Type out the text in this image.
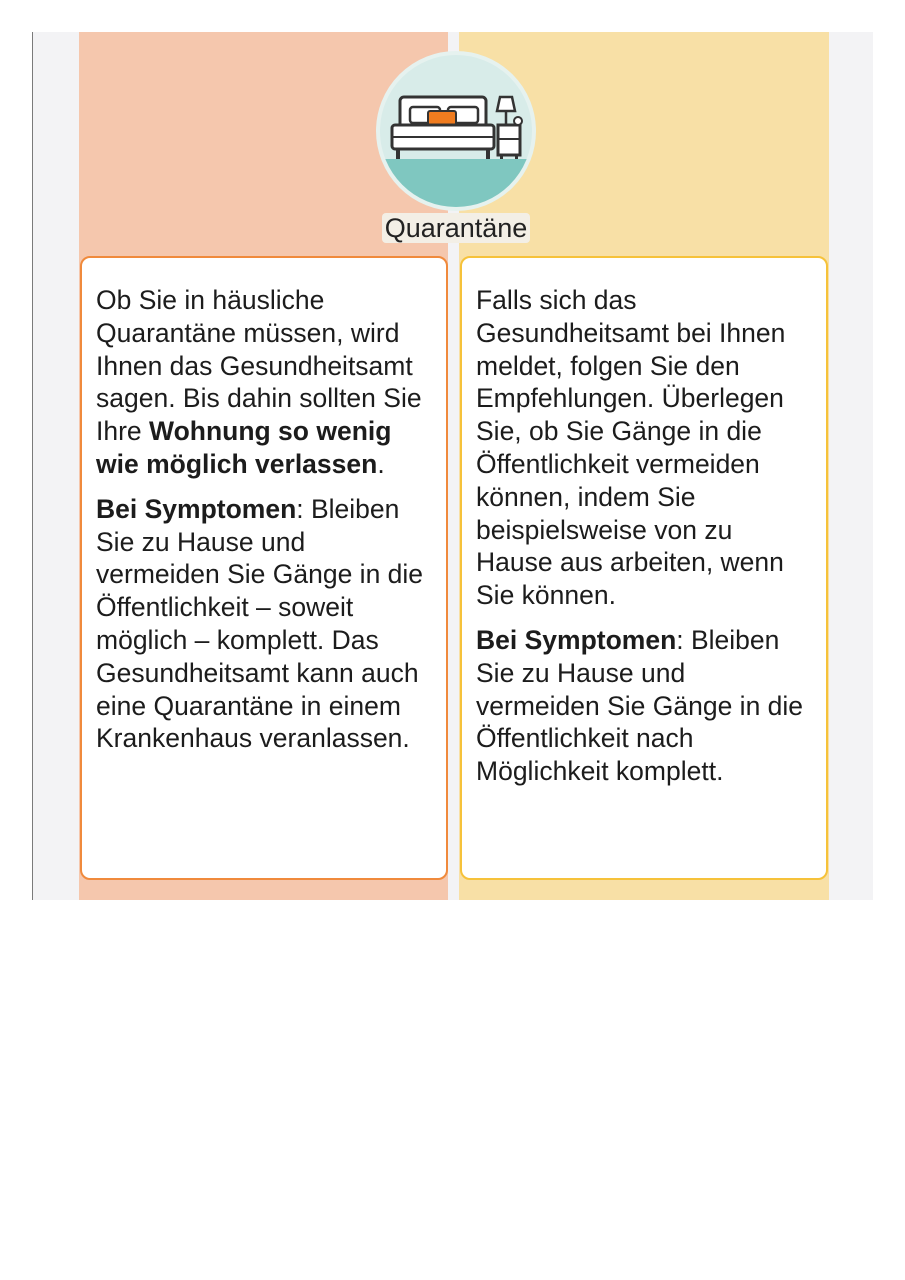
Quarantäne

Ob Sie in häusliche Quarantäne müssen, wird Ihnen das Gesundheitsamt sagen. Bis dahin sollten Sie Ihre Wohnung so wenig wie möglich verlassen.

Bei Symptomen: Bleiben Sie zu Hause und vermeiden Sie Gänge in die Öffentlichkeit – soweit möglich – komplett. Das Gesundheitsamt kann auch eine Quarantäne in einem Krankenhaus veranlassen.

Falls sich das Gesundheitsamt bei Ihnen meldet, folgen Sie den Empfehlungen. Überlegen Sie, ob Sie Gänge in die Öffentlichkeit vermeiden können, indem Sie beispielsweise von zu Hause aus arbeiten, wenn Sie können.

Bei Symptomen: Bleiben Sie zu Hause und vermeiden Sie Gänge in die Öffentlichkeit nach Möglichkeit komplett.
